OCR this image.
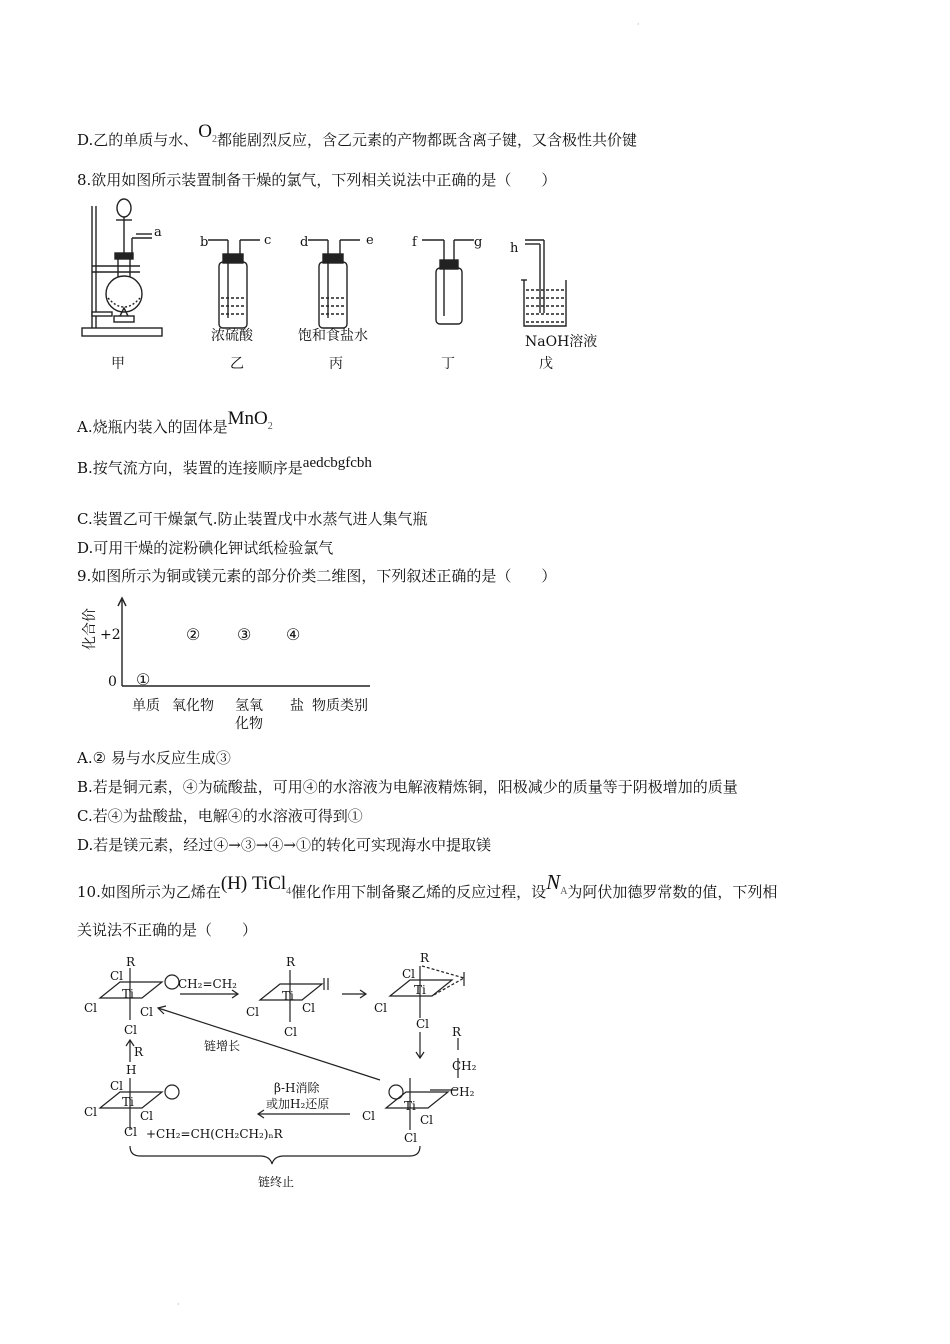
·
·
D.乙的单质与水、$O_2$都能剧烈反应，含乙元素的产物都既含离子键，又含极性共价键
8.欲用如图所示装置制备干燥的氯气，下列相关说法中正确的是（　　）
a
b	c d	e	f	g h
浓硫酸	饱和食盐水	NaOH溶液
甲	乙	丙	丁	戊
A.烧瓶内装入的固体是MnO$_2$
B.按气流方向，装置的连接顺序是aedcbgfcbh
C.装置乙可干燥氯气.防止装置戊中水蒸气进人集气瓶
D.可用干燥的淀粉碘化钾试纸检验氯气
9.如图所示为铜或镁元素的部分价类二维图，下列叙述正确的是（　　）
化合价 +2
0 ①
② ③ ④
单质 氧化物 氢氧
化物
盐 物质类别
A.② 易与水反应生成③
B.若是铜元素，④为硫酸盐，可用④的水溶液为电解液精炼铜，阳极减少的质量等于阴极增加的质量
C.若④为盐酸盐，电解④的水溶液可得到①
D.若是镁元素，经过④→③→④→①的转化可实现海水中提取镁
10.如图所示为乙烯在(H) TiCl$_4$催化作用下制备聚乙烯的反应过程，设$N_A$为阿伏加德罗常数的值，下列相
关说法不正确的是（　　）
R
Cl
Ti
Cl	Cl
Cl
CH₂=CH₂
R
Ti
Cl	Cl
Cl
R
Cl
Ti
Cl
Cl
链增长
R
R
CH₂
CH₂
Ti
Cl	Cl
Cl
β-H消除
或加H₂还原
H
Cl
Ti
Cl	Cl
Cl +CH₂=CH(CH₂CH₂)ₙR
链终止
